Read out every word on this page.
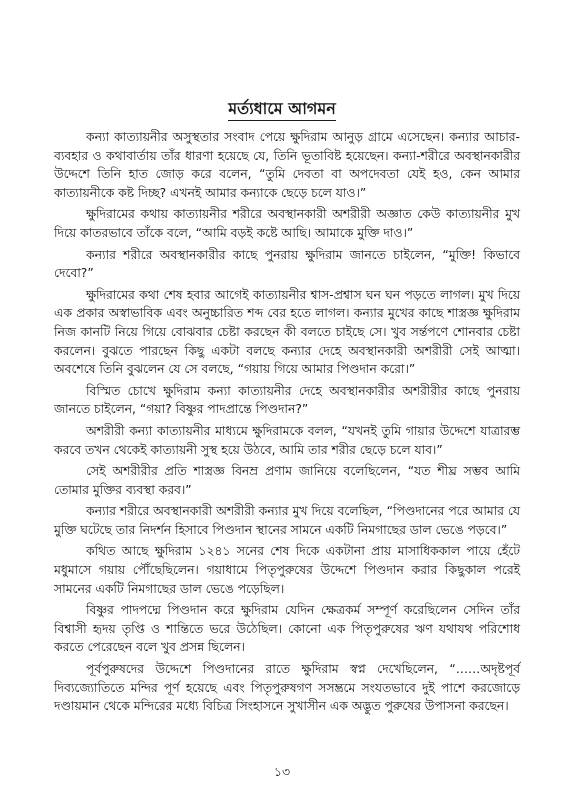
মর্ত্যধামে আগমন

কন্যা কাত্যায়নীর অসুস্থতার সংবাদ পেয়ে ক্ষুদিরাম আনুড় গ্রামে এসেছেন। কন্যার আচার-ব্যবহার ও কথাবার্তায় তাঁর ধারণা হয়েছে যে, তিনি ভূতাবিষ্ট হয়েছেন। কন্যা-শরীরে অবস্থানকারীর উদ্দেশে তিনি হাত জোড় করে বলেন, “তুমি দেবতা বা অপদেবতা যেই হও, কেন আমার কাত্যায়নীকে কষ্ট দিচ্ছ? এখনই আমার কন্যাকে ছেড়ে চলে যাও।”

ক্ষুদিরামের কথায় কাত্যায়নীর শরীরে অবস্থানকারী অশরীরী অজ্ঞাত কেউ কাত্যায়নীর মুখ দিয়ে কাতরভাবে তাঁকে বলে, “আমি বড়ই কষ্টে আছি। আমাকে মুক্তি দাও।”

কন্যার শরীরে অবস্থানকারীর কাছে পুনরায় ক্ষুদিরাম জানতে চাইলেন, “মুক্তি! কিভাবে দেবো?”

ক্ষুদিরামের কথা শেষ হবার আগেই কাত্যায়নীর শ্বাস-প্রশ্বাস ঘন ঘন পড়তে লাগল। মুখ দিয়ে এক প্রকার অস্বাভাবিক এবং অনুচ্চারিত শব্দ বের হতে লাগল। কন্যার মুখের কাছে শাস্ত্রজ্ঞ ক্ষুদিরাম নিজ কানটি নিয়ে গিয়ে বোঝবার চেষ্টা করছেন কী বলতে চাইছে সে। খুব সর্ন্তপণে শোনবার চেষ্টা করলেন। বুঝতে পারছেন কিছু একটা বলছে কন্যার দেহে অবস্থানকারী অশরীরী সেই আত্মা। অবশেষে তিনি বুঝলেন যে সে বলছে, “গয়ায় গিয়ে আমার পিণ্ডদান করো।”

বিস্মিত চোখে ক্ষুদিরাম কন্যা কাত্যায়নীর দেহে অবস্থানকারীর অশরীরীর কাছে পুনরায় জানতে চাইলেন, “গয়া? বিষ্ণুর পাদপ্রান্তে পিণ্ডদান?”

অশরীরী কন্যা কাত্যায়নীর মাধ্যমে ক্ষুদিরামকে বলল, “যখনই তুমি গায়ার উদ্দেশে যাত্রারম্ভ করবে তখন থেকেই কাত্যায়নী সুস্থ হয়ে উঠবে, আমি তার শরীর ছেড়ে চলে যাব।”

সেই অশরীরীর প্রতি শাস্ত্রজ্ঞ বিনম্র প্রণাম জানিয়ে বলেছিলেন, “যত শীঘ্র সম্ভব আমি তোমার মুক্তির ব্যবস্থা করব।”

কন্যার শরীরে অবস্থানকারী অশরীরী কন্যার মুখ দিয়ে বলেছিল, “পিণ্ডদানের পরে আমার যে মুক্তি ঘটেছে তার নিদর্শন হিসাবে পিণ্ডদান স্থানের সামনে একটি নিমগাছের ডাল ভেঙে পড়বে।”

কথিত আছে ক্ষুদিরাম ১২৪১ সনের শেষ দিকে একটানা প্রায় মাসাধিককাল পায়ে হেঁটে মধুমাসে গয়ায় পৌঁছেছিলেন। গয়াধামে পিতৃপুরুষের উদ্দেশে পিণ্ডদান করার কিছুকাল পরেই সামনের একটি নিমগাছের ডাল ভেঙে পড়েছিল।

বিষ্ণুর পাদপদ্মে পিণ্ডদান করে ক্ষুদিরাম যেদিন ক্ষেত্রকর্ম সম্পূর্ণ করেছিলেন সেদিন তাঁর বিশ্বাসী হৃদয় তৃপ্তি ও শান্তিতে ভরে উঠেছিল। কোনো এক পিতৃপুরুষের ঋণ যথাযথ পরিশোধ করতে পেরেছেন বলে খুব প্রসন্ন ছিলেন।

পূর্বপুরুষদের উদ্দেশে পিণ্ডদানের রাতে ক্ষুদিরাম স্বপ্ন দেখেছিলেন, “……অদৃষ্টপূর্ব দিব্যজ্যোতিতে মন্দির পূর্ণ হয়েছে এবং পিতৃপুরুষগণ সসম্ভ্রমে সংযতভাবে দুই পাশে করজোড়ে দণ্ডায়মান থেকে মন্দিরের মধ্যে বিচিত্র সিংহাসনে সুখাসীন এক অদ্ভুত পুরুষের উপাসনা করছেন।

১৩
